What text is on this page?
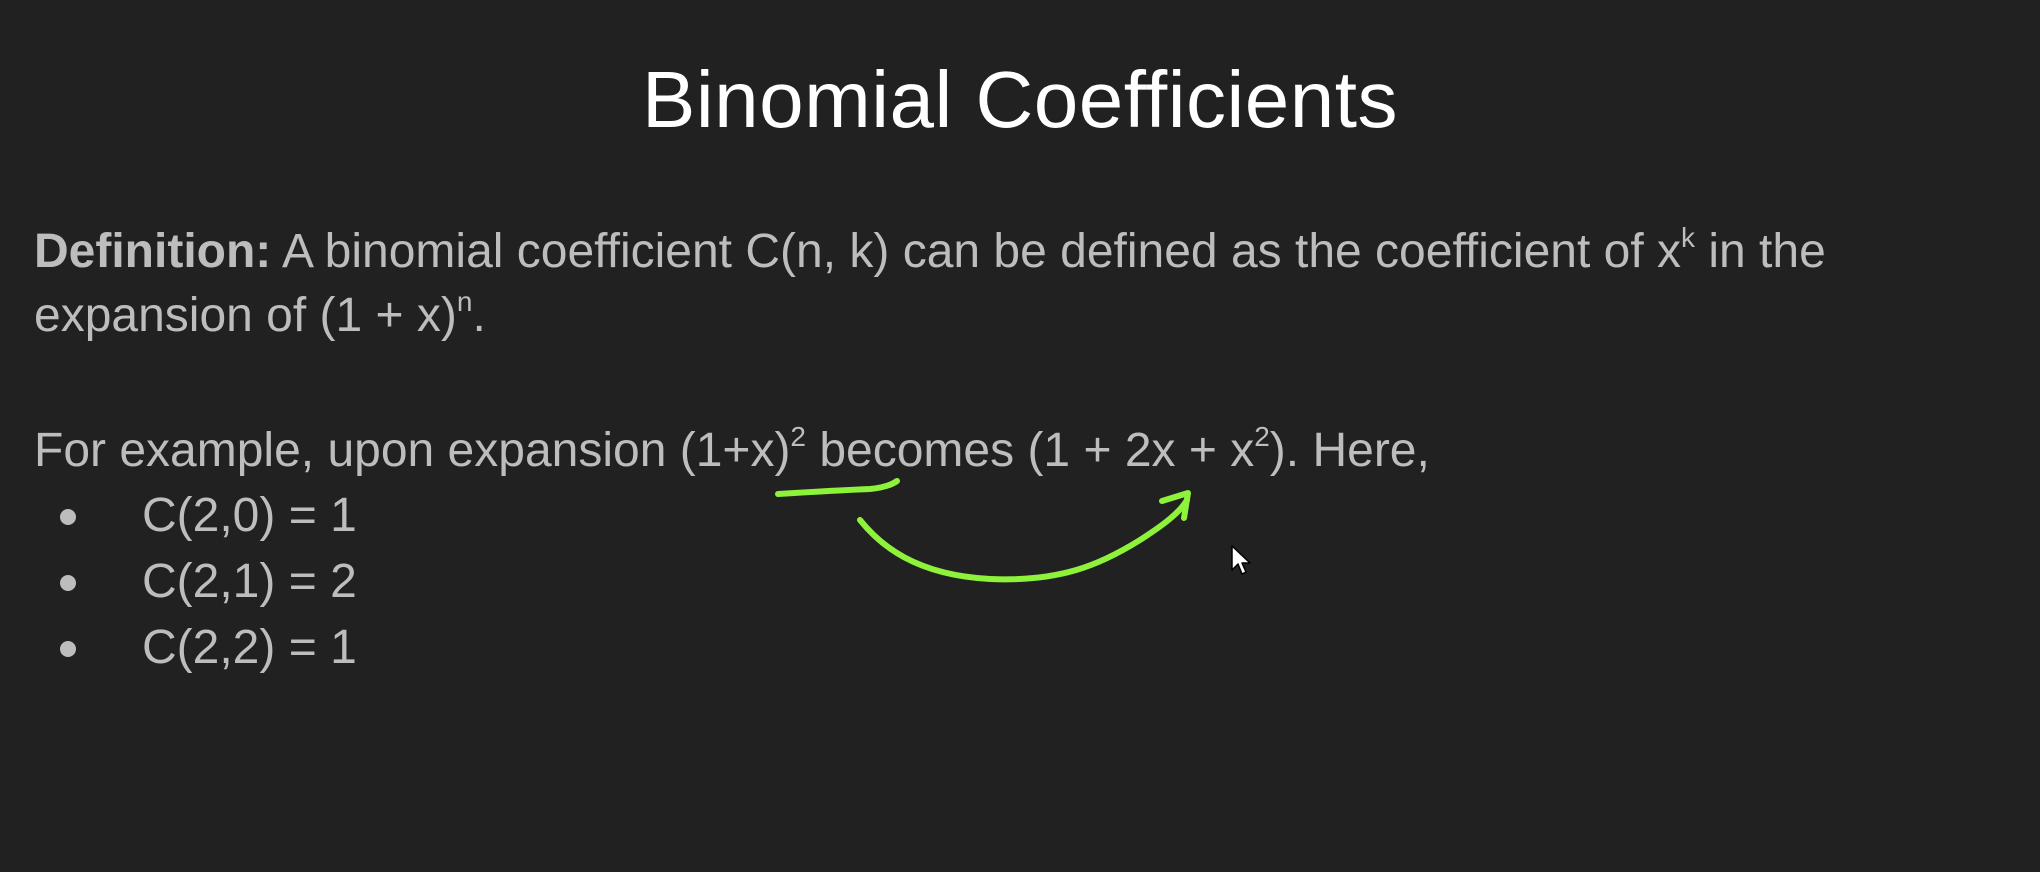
Binomial Coefficients
Definition: A binomial coefficient C(n, k) can be defined as the coefficient of $x^k$ in the expansion of $(1 + x)^n$.
For example, upon expansion $(1+x)^2$ becomes $(1 + 2x + x^2)$. Here,
C(2,0) = 1
C(2,1) = 2
C(2,2) = 1
